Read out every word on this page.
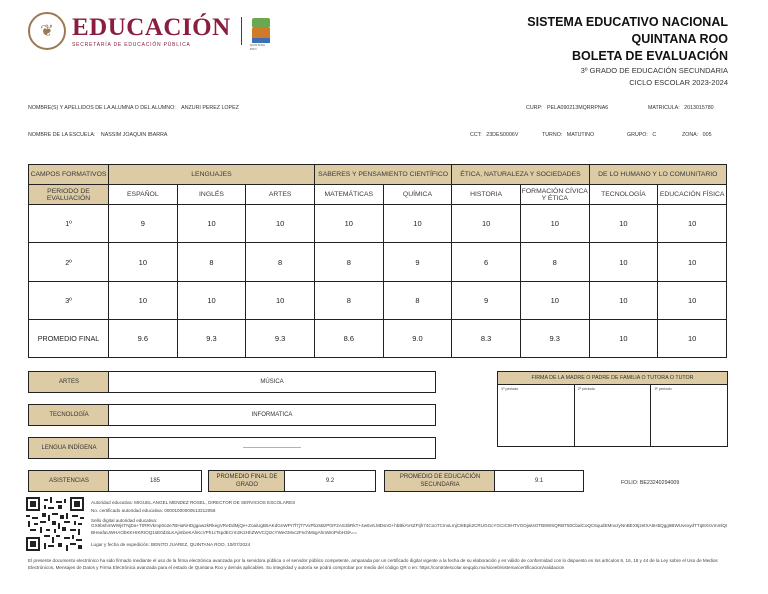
❦ EDUCACIÓN
SECRETARÍA DE EDUCACIÓN PÚBLICA	QUINTANA ROO
SISTEMA EDUCATIVO NACIONAL
QUINTANA ROO
BOLETA DE EVALUACIÓN
3º GRADO DE EDUCACIÓN SECUNDARIA
CICLO ESCOLAR 2023-2024
NOMBRE(S) Y APELLIDOS DE LA ALUMNA O DEL ALUMNO: ANZURI PEREZ LOPEZ	CURP: PELA090213MQRRPNA6	MATRICULA: 2013015780
NOMBRE DE LA ESCUELA: NASSIM JOAQUIN IBARRA	CCT: 23DES0006V	TURNO: MATUTINO	GRUPO: C	ZONA: 005
CAMPOS FORMATIVOS	LENGUAJES			SABERES Y PENSAMIENTO CIENTÍFICO		ÉTICA, NATURALEZA Y SOCIEDADES		DE LO HUMANO Y LO COMUNITARIO	
PERIODO DE EVALUACIÓN	ESPAÑOL	INGLÉS	ARTES	MATEMÁTICAS	QUÍMICA	HISTORIA	FORMACIÓN CÍVICA Y ÉTICA	TECNOLOGÍA	EDUCACIÓN FÍSICA
1º	9	10	10	10	10	10	10	10	10
2º	10	8	8	8	9	6	8	10	10
3º	10	10	10	8	8	9	10	10	10
PROMEDIO FINAL	9.6	9.3	9.3	8.6	9.0	8.3	9.3	10	10
ARTES	MÚSICA
TECNOLOGÍA	INFORMATICA
LENGUA INDÍGENA	-----------------------------
FIRMA DE LA MADRE O PADRE DE FAMILIA O TUTORA O TUTOR
1º periodo	2º periodo	3º periodo
ASISTENCIAS	185
PROMEDIO FINAL DE GRADO
9.2
PROMEDIO DE EDUCACIÓN SECUNDARIA
9.1	FOLIO: BE23240294009
Autoridad educativa: MIGUEL ANGEL MENDEZ ROSEL, DIRECTOR DE SERVICIOS ESCOLARES
No. certificado autoridad educativa: 00001000000513312058
Sello digital autoridad educativa:
GX6bshmWWjsTNjDa+TtRRVkmp0o2e7BHaNHDggaw2kRkegVReDdMjQe+ZoaiUgB5AKdGnWPr7f7jT7VxPb2sBzP0rF2AS3bRkT+4w6vrLMDsnG+hbBkAVsZFIjh74CooTCmoLmjC9iEpk2CRUGGcYGCIC8HTVGOjwtsOTB8WSQRBT50CbalCoQC6qudEMnvzyNnBEX6jzetXA5H5Qgg6BWUvexydTTqEKsVmmlQIBHeafaUWHAObKKHrKRIOQ1sE0d3iLKAjimbeKAhKcVPh1cTspdECrm2K2HhZWVCQIzcYWeGMvc2FschMsgAhmWoPvbH3lA==
Lugar y fecha de expedición: BENITO JUAREZ, QUINTANA ROO, 10/07/2024
El presente documento electrónico ha sido firmado mediante el uso de la firma electrónica avanzada por la servidora pública o el servidor público competente, amparada por un certificado digital vigente a la fecha de su elaboración y es válido de conformidad con lo dispuesto en los artículos 9, 16, 18 y 44 de la Ley sobre el Uso de Medios Electrónicos, Mensajes de Datos y Firma Electrónica avanzada para el estado de Quintana Roo y demás aplicables. Su integridad y autoría se podrá comprobar por medio del código QR o en: https://controlescolar.seqqdo.mx/siceeb/sistema/certificacion/validacion
